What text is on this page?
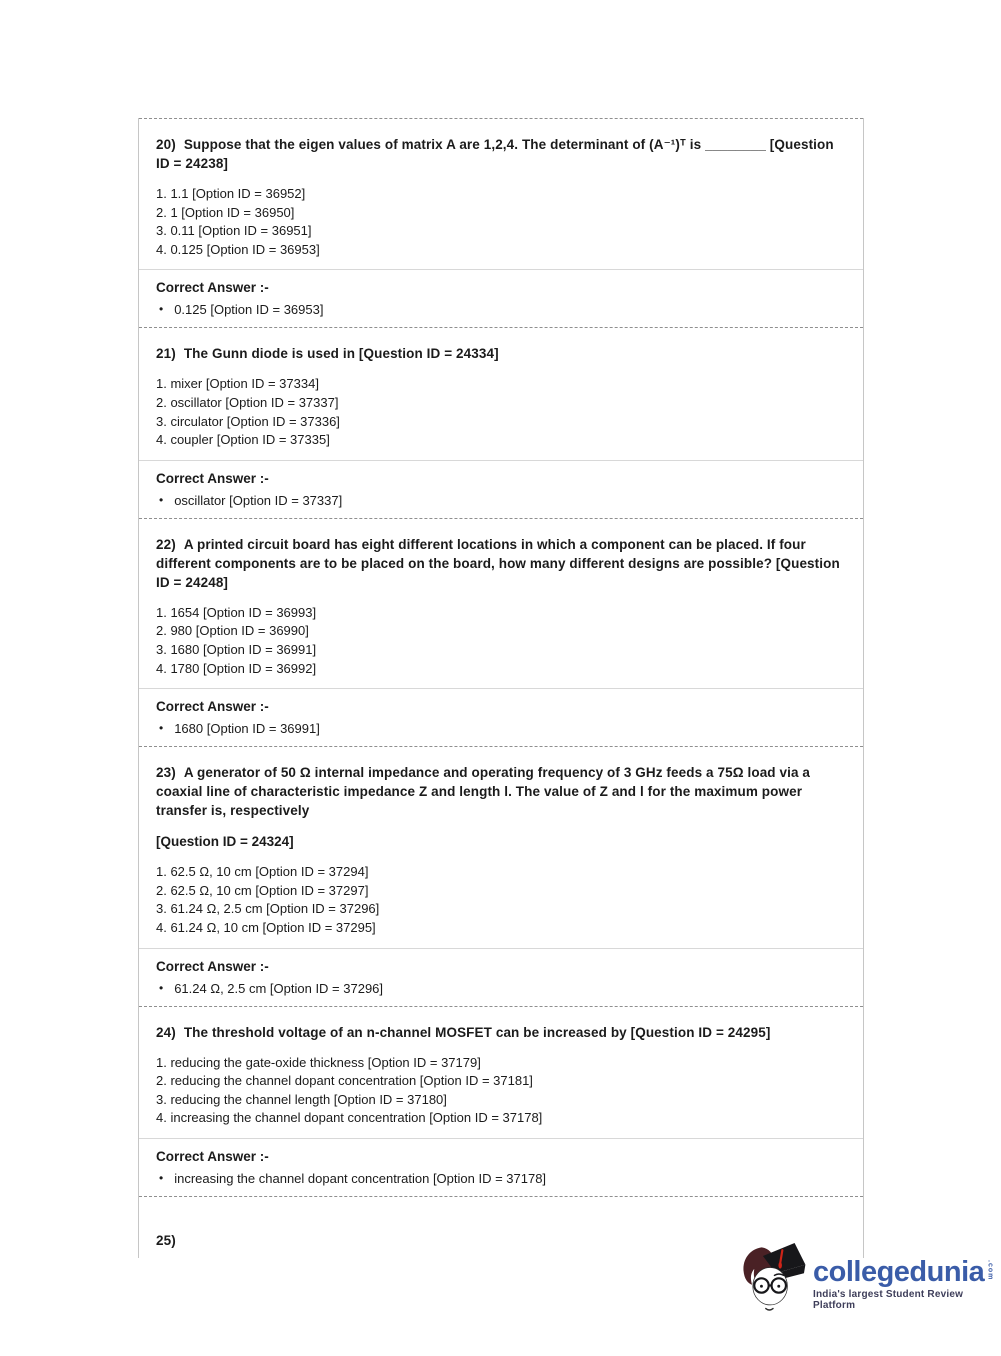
20) Suppose that the eigen values of matrix A are 1,2,4. The determinant of (A⁻¹)ᵀ is ________ [Question ID = 24238]

1. 1.1 [Option ID = 36952]
2. 1 [Option ID = 36950]
3. 0.11 [Option ID = 36951]
4. 0.125 [Option ID = 36953]

Correct Answer :-

• 0.125 [Option ID = 36953]

21) The Gunn diode is used in [Question ID = 24334]

1. mixer [Option ID = 37334]
2. oscillator [Option ID = 37337]
3. circulator [Option ID = 37336]
4. coupler [Option ID = 37335]

Correct Answer :-

• oscillator [Option ID = 37337]

22) A printed circuit board has eight different locations in which a component can be placed. If four different components are to be placed on the board, how many different designs are possible? [Question ID = 24248]

1. 1654 [Option ID = 36993]
2. 980 [Option ID = 36990]
3. 1680 [Option ID = 36991]
4. 1780 [Option ID = 36992]

Correct Answer :-

• 1680 [Option ID = 36991]

23) A generator of 50 Ω internal impedance and operating frequency of 3 GHz feeds a 75Ω load via a coaxial line of characteristic impedance Z and length l. The value of Z and l for the maximum power transfer is, respectively

[Question ID = 24324]

1. 62.5 Ω, 10 cm [Option ID = 37294]
2. 62.5 Ω, 10 cm [Option ID = 37297]
3. 61.24 Ω, 2.5 cm [Option ID = 37296]
4. 61.24 Ω, 10 cm [Option ID = 37295]

Correct Answer :-

• 61.24 Ω, 2.5 cm [Option ID = 37296]

24) The threshold voltage of an n-channel MOSFET can be increased by [Question ID = 24295]

1. reducing the gate-oxide thickness [Option ID = 37179]
2. reducing the channel dopant concentration [Option ID = 37181]
3. reducing the channel length [Option ID = 37180]
4. increasing the channel dopant concentration [Option ID = 37178]

Correct Answer :-

• increasing the channel dopant concentration [Option ID = 37178]

25)

collegedunia .com
India's largest Student Review Platform
